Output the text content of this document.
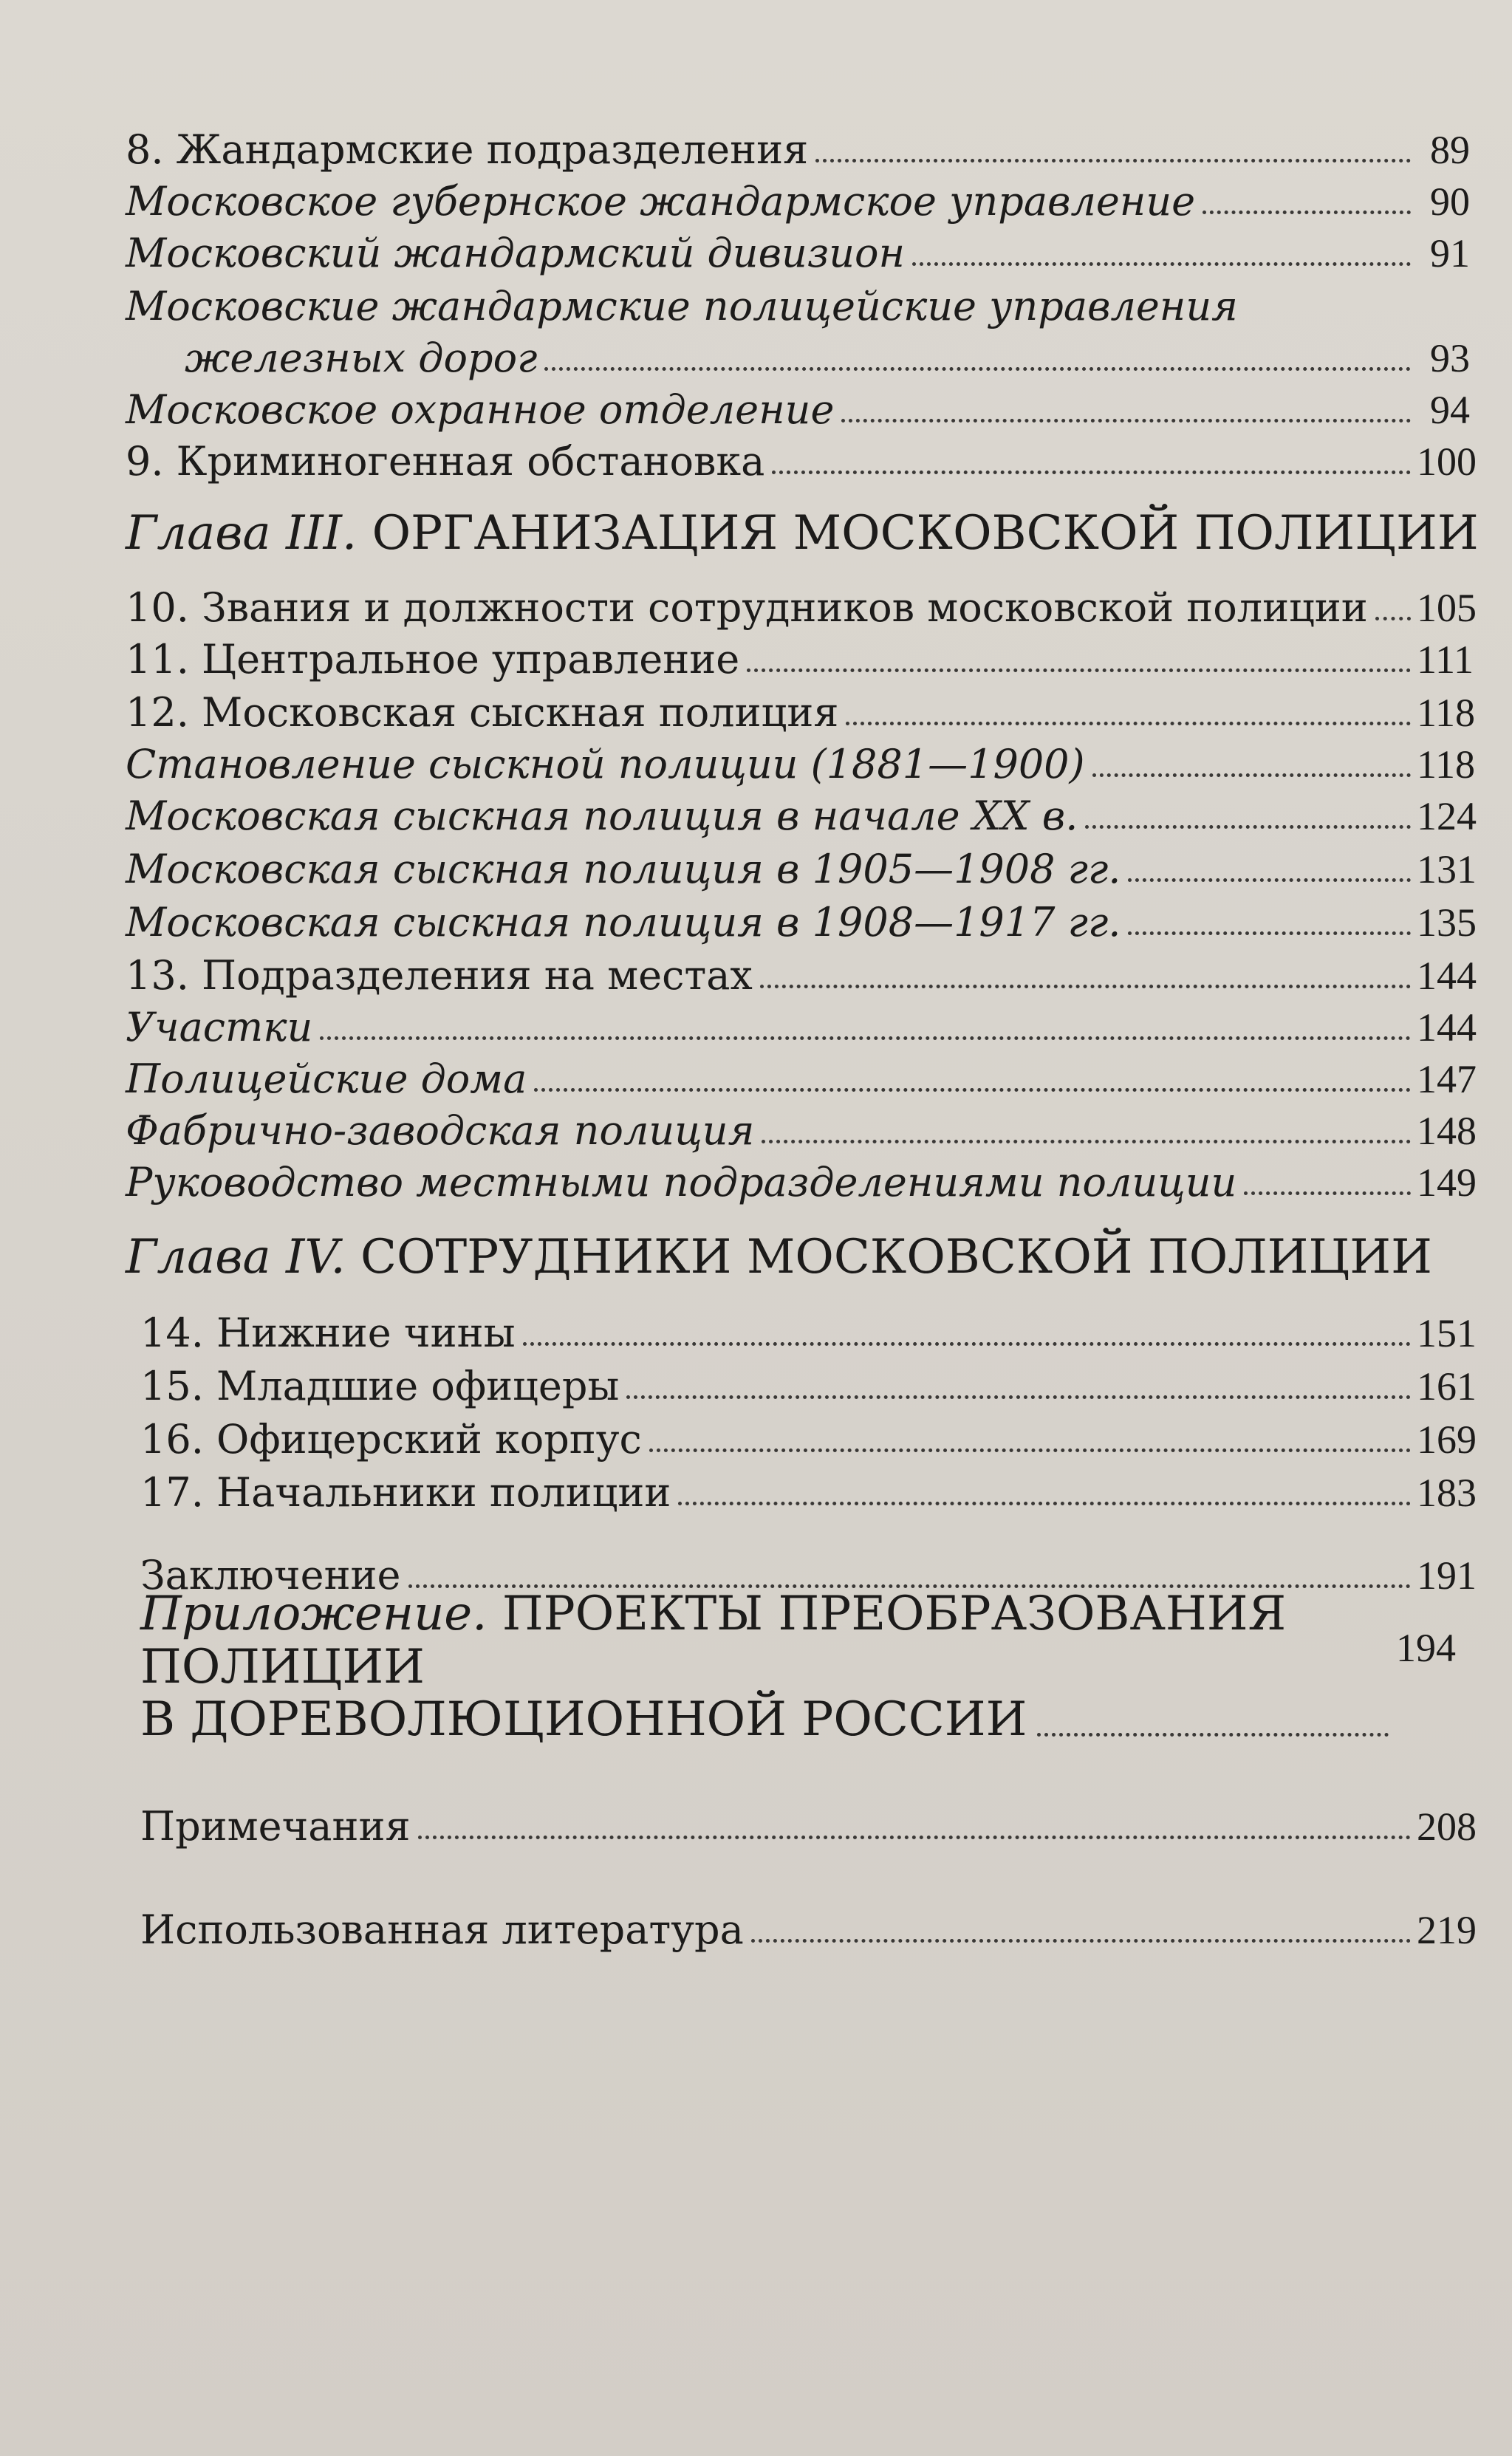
8. Жандармские подразделения	89
Московское губернское жандармское управление	90
Московский жандармский дивизион	91
Московские жандармские полицейские управления
железных дорог	93
Московское охранное отделение	94
9. Криминогенная обстановка	100
Глава III. ОРГАНИЗАЦИЯ МОСКОВСКОЙ ПОЛИЦИИ
10. Звания и должности сотрудников московской полиции 105
11. Центральное управление	111
12. Московская сыскная полиция	118
Становление сыскной полиции (1881—1900)	118
Московская сыскная полиция в начале XX в.	124
Московская сыскная полиция в 1905—1908 гг.	131
Московская сыскная полиция в 1908—1917 гг.	135
13. Подразделения на местах	144
Участки	144
Полицейские дома	147
Фабрично-заводская полиция	148
Руководство местными подразделениями полиции	149
Глава IV. СОТРУДНИКИ МОСКОВСКОЙ ПОЛИЦИИ
14. Нижние чины	151
15. Младшие офицеры	161
16. Офицерский корпус	169
17. Начальники полиции	183
Заключение	191
Приложение. ПРОЕКТЫ ПРЕОБРАЗОВАНИЯ ПОЛИЦИИ
В ДОРЕВОЛЮЦИОННОЙ РОССИИ
194
Примечания	208
Использованная литература	219
